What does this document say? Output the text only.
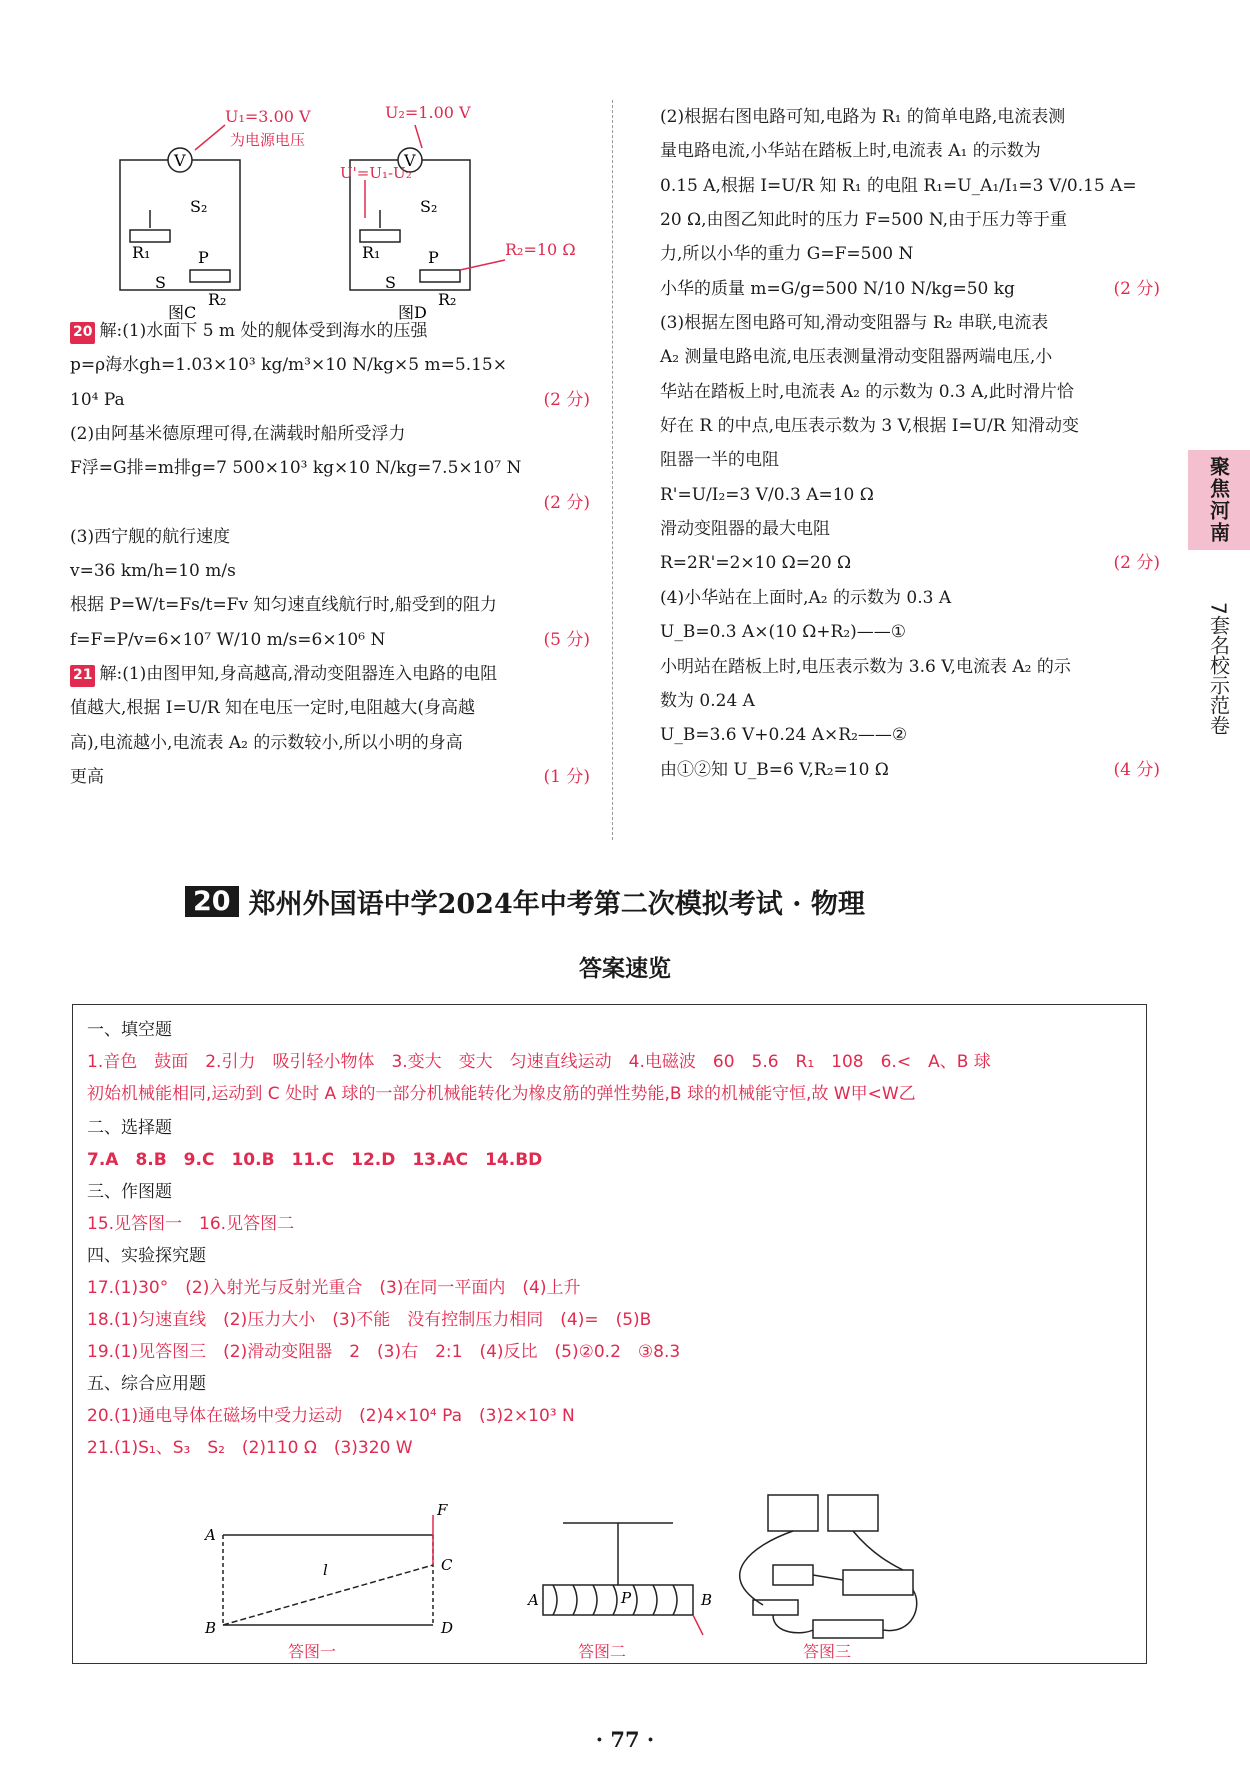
V	V
U₁=3.00 V
为电源电压
U₂=1.00 V
U'=U₁-U₂
R₂=10 Ω
S₂	S₂
R₁	R₁
P	P
S	S
R₂	R₂
图C	图D
20 解:(1)水面下 5 m 处的舰体受到海水的压强
p=ρ海水gh=1.03×10³ kg/m³×10 N/kg×5 m=5.15×
10⁴ Pa	(2 分)
(2)由阿基米德原理可得,在满载时船所受浮力
F浮=G排=m排g=7 500×10³ kg×10 N/kg=7.5×10⁷ N
(2 分)
(3)西宁舰的航行速度
v=36 km/h=10 m/s
根据 P=W/t=Fs/t=Fv 知匀速直线航行时,船受到的阻力
f=F=P/v=6×10⁷ W/10 m/s=6×10⁶ N	(5 分)
21 解:(1)由图甲知,身高越高,滑动变阻器连入电路的电阻
值越大,根据 I=U/R 知在电压一定时,电阻越大(身高越
高),电流越小,电流表 A₂ 的示数较小,所以小明的身高
更高	(1 分)
(2)根据右图电路可知,电路为 R₁ 的简单电路,电流表测
量电路电流,小华站在踏板上时,电流表 A₁ 的示数为
0.15 A,根据 I=U/R 知 R₁ 的电阻 R₁=U_A₁/I₁=3 V/0.15 A=
20 Ω,由图乙知此时的压力 F=500 N,由于压力等于重
力,所以小华的重力 G=F=500 N
小华的质量 m=G/g=500 N/10 N/kg=50 kg	(2 分)
(3)根据左图电路可知,滑动变阻器与 R₂ 串联,电流表
A₂ 测量电路电流,电压表测量滑动变阻器两端电压,小
华站在踏板上时,电流表 A₂ 的示数为 0.3 A,此时滑片恰
好在 R 的中点,电压表示数为 3 V,根据 I=U/R 知滑动变
阻器一半的电阻
R'=U/I₂=3 V/0.3 A=10 Ω
滑动变阻器的最大电阻
R=2R'=2×10 Ω=20 Ω	(2 分)
(4)小华站在上面时,A₂ 的示数为 0.3 A
U_B=0.3 A×(10 Ω+R₂)——①
小明站在踏板上时,电压表示数为 3.6 V,电流表 A₂ 的示
数为 0.24 A
U_B=3.6 V+0.24 A×R₂——②
由①②知 U_B=6 V,R₂=10 Ω	(4 分)
聚焦河南
7套名校示范卷
20 郑州外国语中学2024年中考第二次模拟考试 · 物理
答案速览
一、填空题
1.音色　鼓面　2.引力　吸引轻小物体　3.变大　变大　匀速直线运动　4.电磁波　60　5.6　R₁　108　6.<　A、B 球
初始机械能相同,运动到 C 处时 A 球的一部分机械能转化为橡皮筋的弹性势能,B 球的机械能守恒,故 W甲<W乙
二、选择题
7.A　8.B　9.C　10.B　11.C　12.D　13.AC　14.BD
三、作图题
15.见答图一　16.见答图二
四、实验探究题
17.(1)30°　(2)入射光与反射光重合　(3)在同一平面内　(4)上升
18.(1)匀速直线　(2)压力大小　(3)不能　没有控制压力相同　(4)=　(5)B
19.(1)见答图三　(2)滑动变阻器　2　(3)右　2:1　(4)反比　(5)②0.2　③8.3
五、综合应用题
20.(1)通电导体在磁场中受力运动　(2)4×10⁴ Pa　(3)2×10³ N
21.(1)S₁、S₃　S₂　(2)110 Ω　(3)320 W
A
B
C
D
F
l
答图一
A	B
P
答图二	答图三
· 77 ·
